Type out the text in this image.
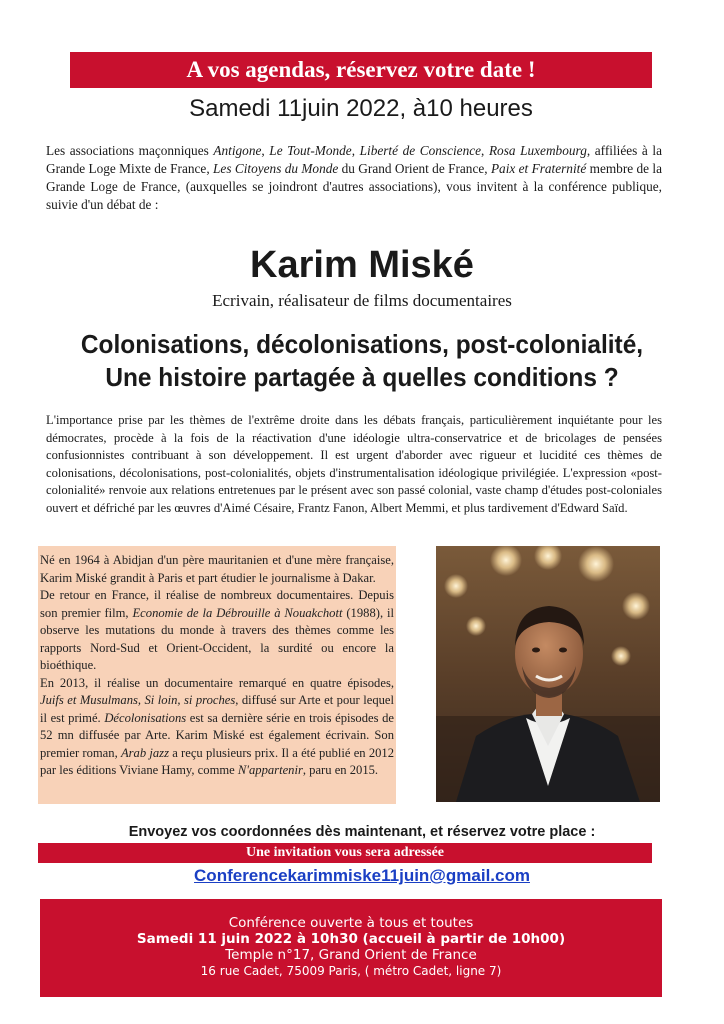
A vos agendas, réservez votre date !
Samedi 11juin 2022, à10 heures
Les associations maçonniques Antigone, Le Tout-Monde, Liberté de Conscience, Rosa Luxembourg, affiliées à la Grande Loge Mixte de France, Les Citoyens du Monde du Grand Orient de France, Paix et Fraternité membre de la Grande Loge de France, (auxquelles se joindront d'autres associations), vous invitent à la conférence publique, suivie d'un débat de :
Karim Miské
Ecrivain, réalisateur de films documentaires
Colonisations, décolonisations, post-colonialité,
Une histoire partagée à quelles conditions ?
L'importance prise par les thèmes de l'extrême droite dans les débats français, particulièrement inquiétante pour les démocrates, procède à la fois de la réactivation d'une idéologie ultra-conservatrice et de bricolages de pensées confusionnistes contribuant à son développement. Il est urgent d'aborder avec rigueur et lucidité ces thèmes de colonisations, décolonisations, post-colonialités, objets d'instrumentalisation idéologique privilégiée. L'expression «post-colonialité» renvoie aux relations entretenues par le présent avec son passé colonial, vaste champ d'études post-coloniales ouvert et défriché par les œuvres d'Aimé Césaire, Frantz Fanon, Albert Memmi, et plus tardivement d'Edward Saïd.

Né en 1964 à Abidjan d'un père mauritanien et d'une mère française, Karim Miské grandit à Paris et part étudier le journalisme à Dakar.

De retour en France, il réalise de nombreux documentaires. Depuis son premier film, Economie de la Débrouille à Nouakchott (1988), il observe les mutations du monde à travers des thèmes comme les rapports Nord-Sud et Orient-Occident, la surdité ou encore la bioéthique.

En 2013, il réalise un documentaire remarqué en quatre épisodes, Juifs et Musulmans, Si loin, si proches, diffusé sur Arte et pour lequel il est primé. Décolonisations est sa dernière série en trois épisodes de 52 mn diffusée par Arte. Karim Miské est également écrivain. Son premier roman, Arab jazz a reçu plusieurs prix. Il a été publié en 2012 par les éditions Viviane Hamy, comme N'appartenir, paru en 2015.

Envoyez vos coordonnées dès maintenant, et réservez votre place :
Une invitation vous sera adressée
Conferencekarimmiske11juin@gmail.com
Conférence ouverte à tous et toutes
Samedi 11 juin 2022 à 10h30 (accueil à partir de 10h00)
Temple n°17, Grand Orient de France
16 rue Cadet, 75009 Paris, ( métro Cadet, ligne 7)
